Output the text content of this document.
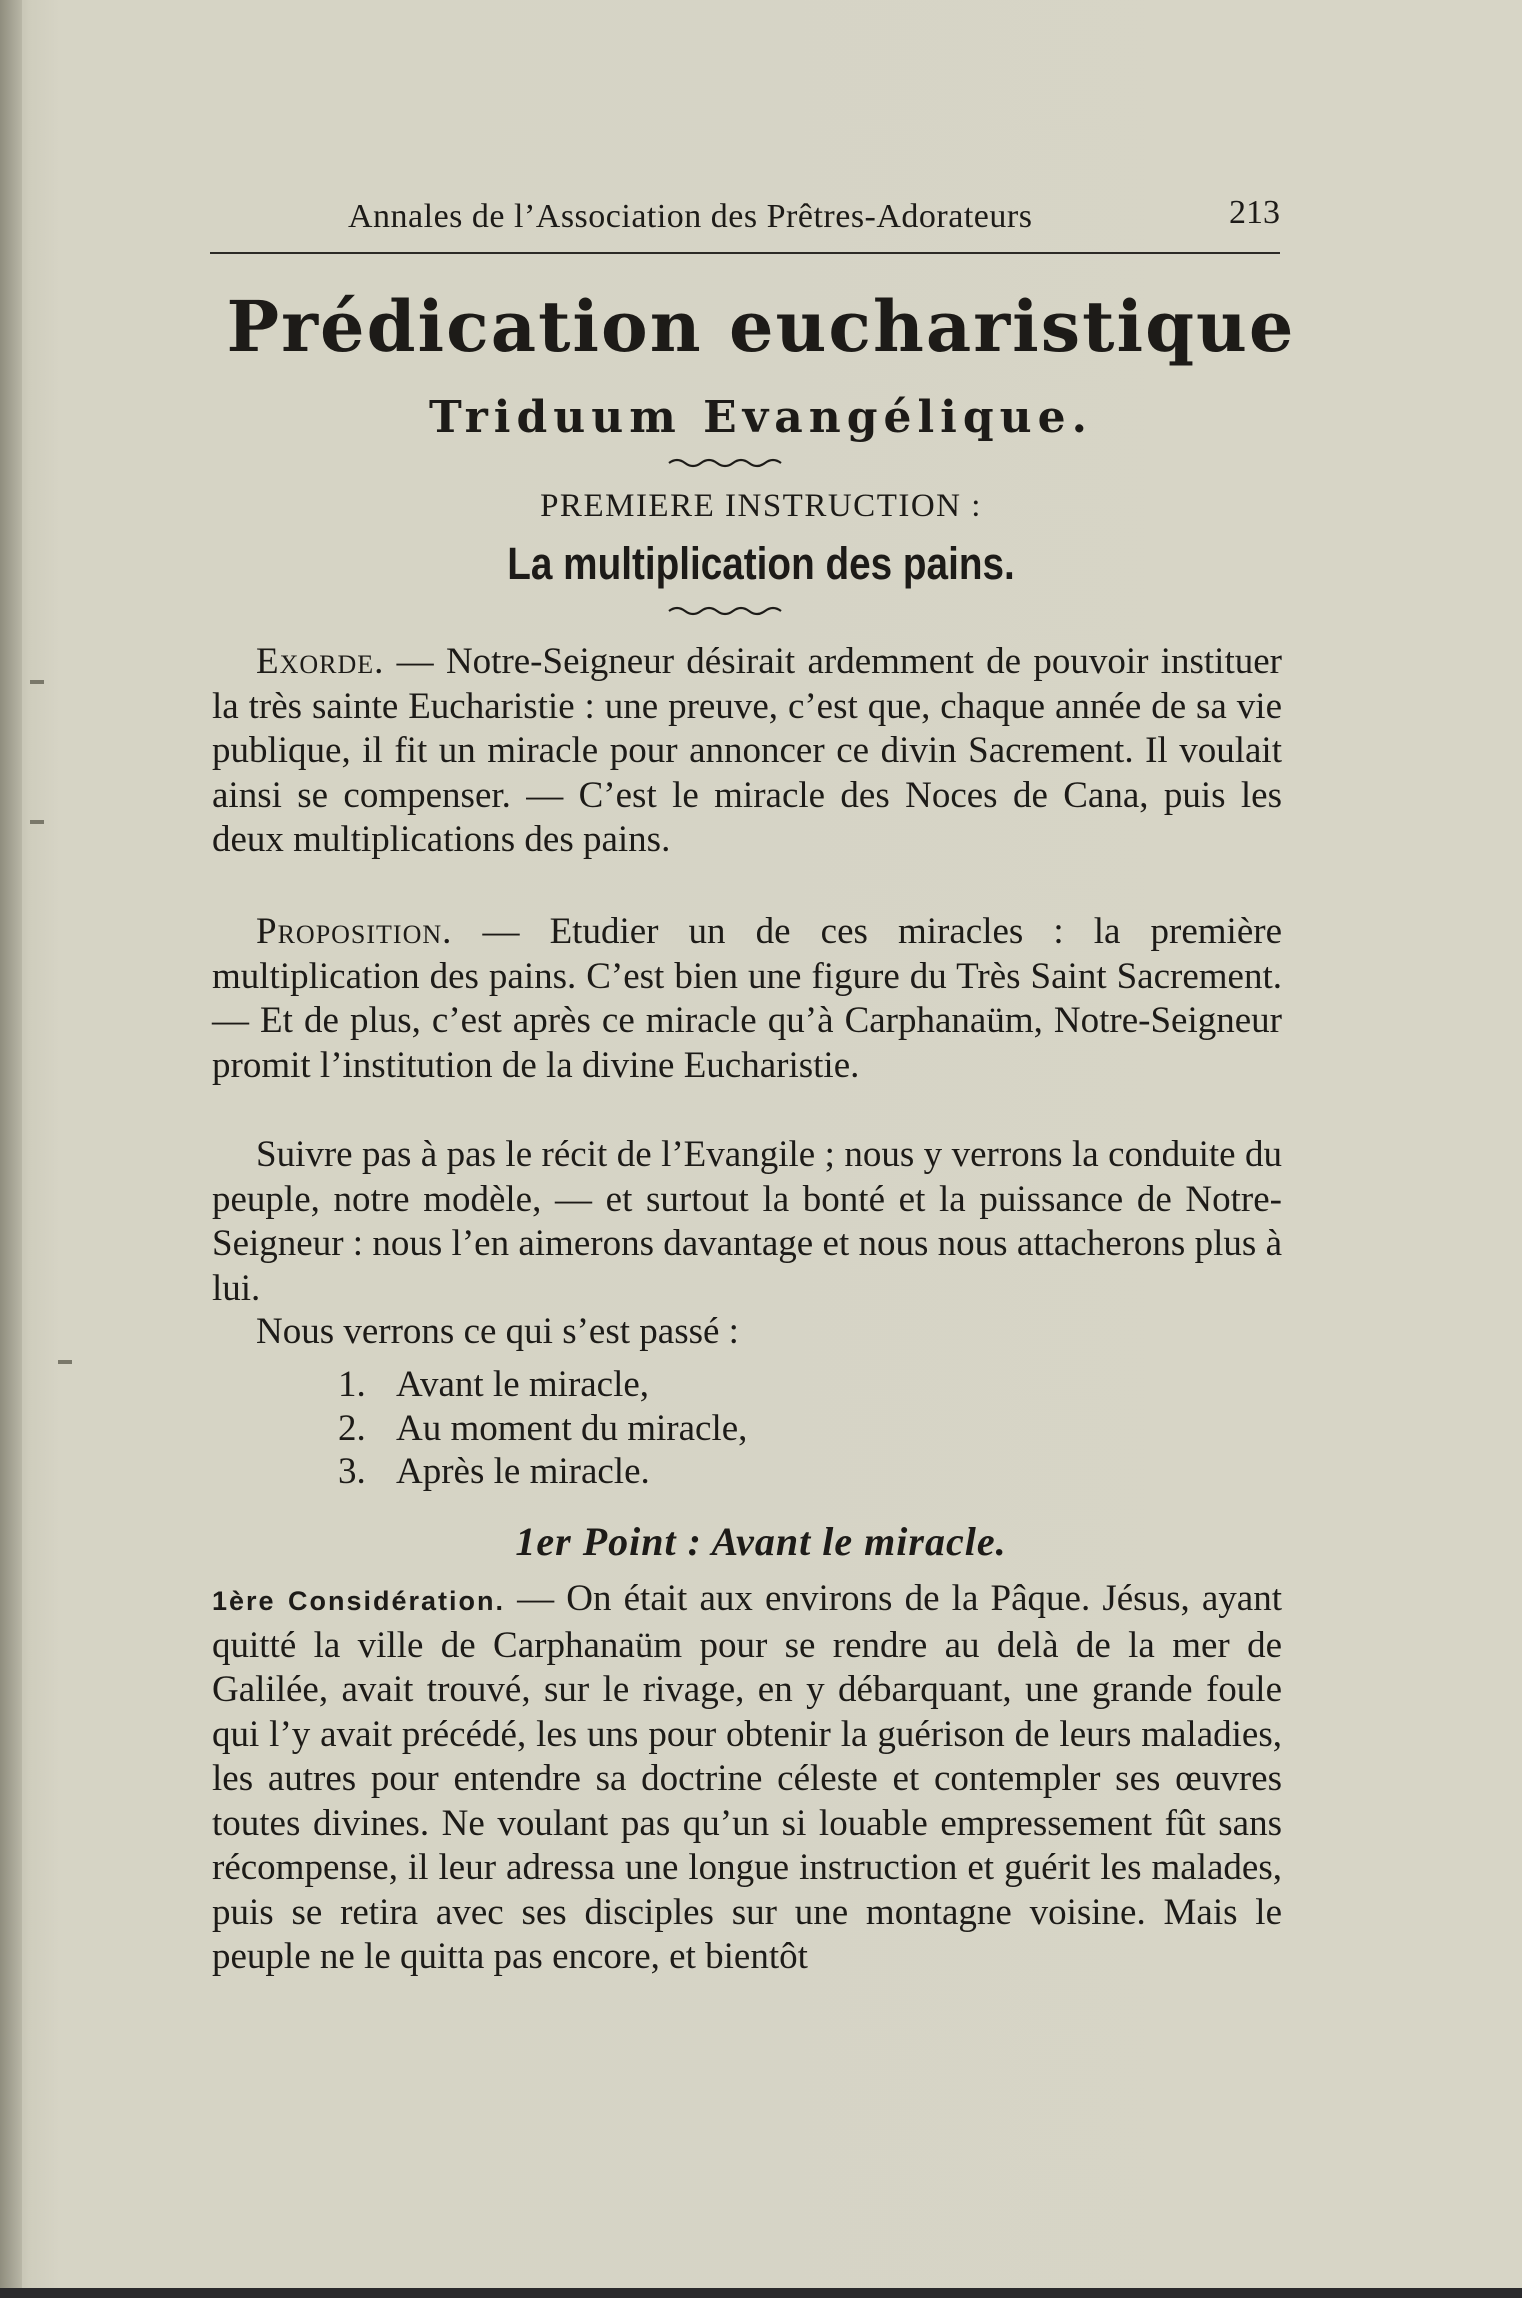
Annales de l’Association des Prêtres-Adorateurs	213
Prédication eucharistique
Triduum Evangélique.
PREMIERE INSTRUCTION :
La multiplication des pains.

Exorde. — Notre-Seigneur désirait ardemment de pouvoir instituer la très sainte Eucharistie : une preuve, c’est que, chaque année de sa vie publique, il fit un miracle pour annoncer ce divin Sacrement. Il voulait ainsi se compenser. — C’est le miracle des Noces de Cana, puis les deux multiplications des pains.

Proposition. — Etudier un de ces miracles : la première multiplication des pains. C’est bien une figure du Très Saint Sacrement. — Et de plus, c’est après ce miracle qu’à Carphanaüm, Notre-Seigneur promit l’institution de la divine Eucharistie.

Suivre pas à pas le récit de l’Evangile ; nous y verrons la conduite du peuple, notre modèle, — et surtout la bonté et la puissance de Notre-Seigneur : nous l’en aimerons davantage et nous nous attacherons plus à lui.

Nous verrons ce qui s’est passé :

1. Avant le miracle,
2. Au moment du miracle,
3. Après le miracle.
1er Point : Avant le miracle.

1ère Considération. — On était aux environs de la Pâque. Jésus, ayant quitté la ville de Carphanaüm pour se rendre au delà de la mer de Galilée, avait trouvé, sur le rivage, en y débarquant, une grande foule qui l’y avait précédé, les uns pour obtenir la guérison de leurs maladies, les autres pour entendre sa doctrine céleste et contempler ses œuvres toutes divines. Ne voulant pas qu’un si louable empressement fût sans récompense, il leur adressa une longue instruction et guérit les malades, puis se retira avec ses disciples sur une montagne voisine. Mais le peuple ne le quitta pas encore, et bientôt
